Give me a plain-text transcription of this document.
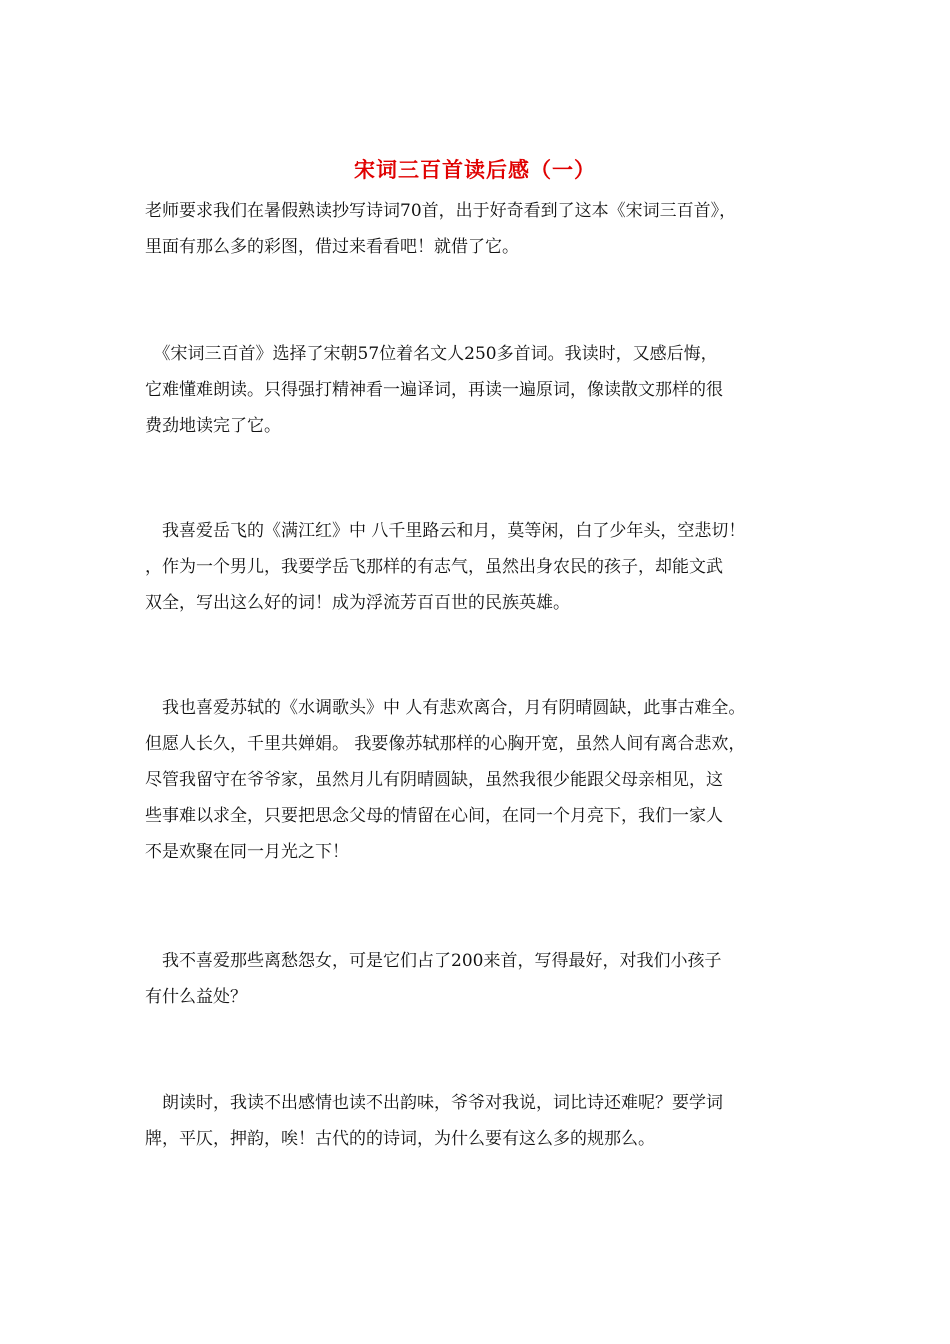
宋词三百首读后感（一）

老师要求我们在暑假熟读抄写诗词70首，出于好奇看到了这本《宋词三百首》，
里面有那么多的彩图，借过来看看吧！就借了它。

　《宋词三百首》选择了宋朝57位着名文人250多首词。我读时，又感后悔，
它难懂难朗读。只得强打精神看一遍译词，再读一遍原词，像读散文那样的很
费劲地读完了它。

　我喜爱岳飞的《满江红》中 八千里路云和月，莫等闲，白了少年头，空悲切！
，作为一个男儿，我要学岳飞那样的有志气，虽然出身农民的孩子，却能文武
双全，写出这么好的词！成为浮流芳百百世的民族英雄。

　我也喜爱苏轼的《水调歌头》中 人有悲欢离合，月有阴晴圆缺，此事古难全。
但愿人长久，千里共婵娟。 我要像苏轼那样的心胸开宽，虽然人间有离合悲欢，
尽管我留守在爷爷家，虽然月儿有阴晴圆缺，虽然我很少能跟父母亲相见，这
些事难以求全，只要把思念父母的情留在心间，在同一个月亮下，我们一家人
不是欢聚在同一月光之下！

　我不喜爱那些离愁怨女，可是它们占了200来首，写得最好，对我们小孩子
有什么益处？

　朗读时，我读不出感情也读不出韵味，爷爷对我说，词比诗还难呢？要学词
牌，平仄，押韵，唉！古代的的诗词，为什么要有这么多的规那么。
